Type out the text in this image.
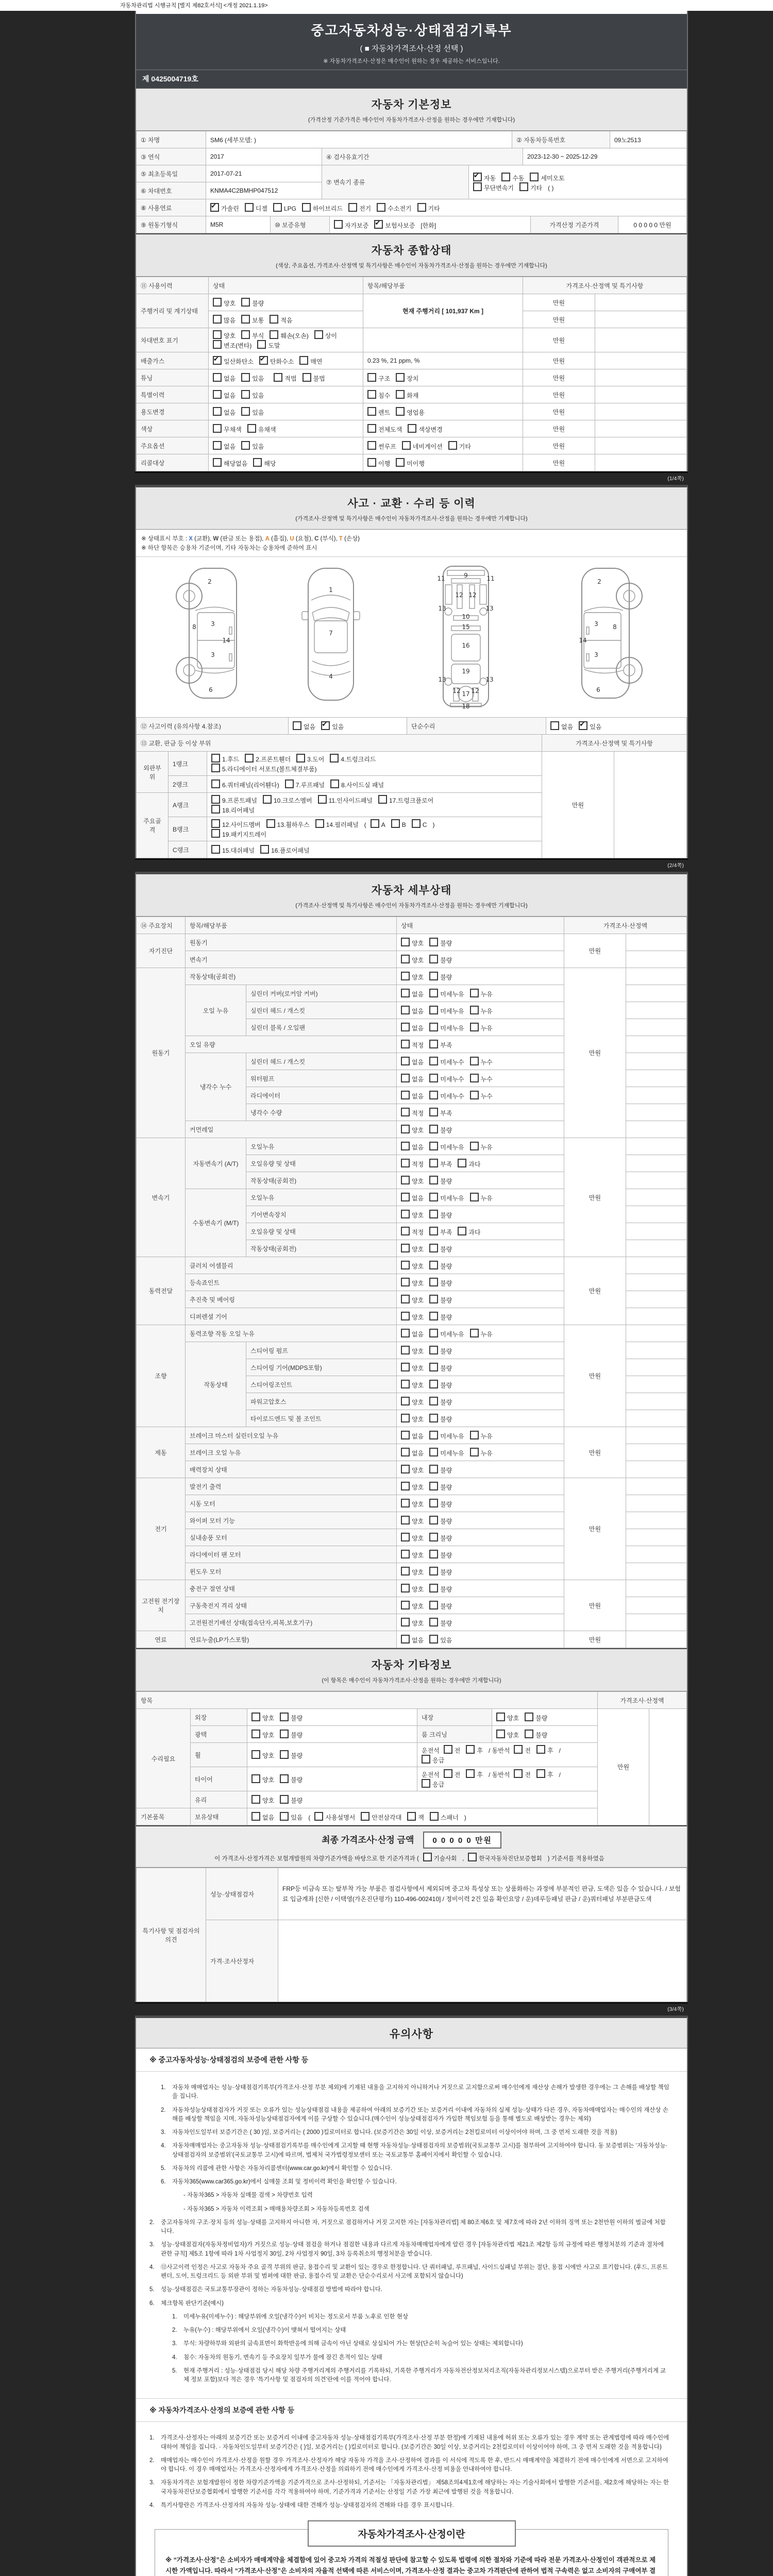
자동차관리법 시행규칙 [별지 제82호서식] <개정 2021.1.19>
중고자동차성능·상태점검기록부
( ■ 자동차가격조사·산정 선택 )
※ 자동차가격조사·산정은 매수인이 원하는 경우 제공하는 서비스입니다.
제 0425004719호
자동차 기본정보
(가격산정 기준가격은 매수인이 자동차가격조사·산정을 원하는 경우에만 기재합니다)
① 차명	SM6 (세부모델: )	② 자동차등록번호	09노2513
③ 연식	2017	④ 검사유효기간	2023-12-30 ~ 2025-12-29
⑤ 최초등록일	2017-07-21	⑦ 변속기 종류	✔자동 수동 세미오토
무단변속기 기타 ( )
⑥ 차대번호	KNMA4C2BMHP047512		
⑧ 사용연료	✔가솔린	디젤	LPG	하이브리드	전기	수소전기	기타
⑨ 원동기형식	M5R	⑩ 보증유형	자가보증 ✔	보험사보증 [한화]	가격산정 기준가격	0 0 0 0 0 만원
자동차 종합상태
(색상, 주요옵션, 가격조사·산정액 및 특기사항은 매수인이 자동차가격조사·산정을 원하는 경우에만 기재합니다)
⑪ 사용이력	상태	항목/해당부품	가격조사·산정액 및 특기사항	
주행거리 및 계기상태	양호 불량	현재 주행거리 [ 101,937 Km ]	만원	
	많음 보통 적음		만원	
차대번호 표기	양호 부식 훼손(오손) 상이변조(변타) 도말		만원	
배출가스	✔일산화탄소 ✔ 탄화수소 매연	0.23 %, 21 ppm, %	만원	
튜닝	없음 있음 적법 불법	구조 장치	만원	
특별이력	없음 있음	침수 화재	만원	
용도변경	없음 있음	렌트 영업용	만원	
색상	무채색 유채색	전체도색 색상변경	만원	
주요옵션	없음 있음	썬루프 네비게이션 기타	만원	
리콜대상	해당없음 해당	이행 미이행	만원	
(1/4쪽)
사고 · 교환 · 수리 등 이력
(가격조사·산정액 및 특기사항은 매수인이 자동차가격조사·산정을 원하는 경우에만 기재합니다)
※ 상태표시 부호 : X (교환), W (판금 또는 용접), A (흠집), U (요철), C (부식), T (손상)
※ 하단 항목은 승용차 기준이며, 기타 자동차는 승용차에 준하여 표시
2
8 3
14
3
6
1
7
4
9
11	11
12 12
13	13
10
15
16
19
13	13
12 17 12
18
2
8
3
14
3
6
⑫ 사고이력 (유의사항 4.참조)	없음 ✔	있음	단순수리	없음 ✔	있음
⑬ 교환, 판금 등 이상 부위			가격조사·산정액 및 특기사항	
외판부위	1랭크	1.후드 2.프론트휀더 3.도어 4.트렁크리드
5.라디에이터 서포트(볼트체결부품)	만원	
	2랭크	6.쿼터패널(리어휀다) 7.루프패널 8.사이드실 패널		
주요골격	A랭크	9.프론트패널 10.크로스멤버 11.인사이드패널 17.트렁크플로어
18.리어패널		
	B랭크	12.사이드멤버 13.휠하우스 14.필러패널 ( A B C )
19.패키지트레이		
	C랭크	15.대쉬패널 16.플로어패널		
(2/4쪽)
자동차 세부상태
(가격조사·산정액 및 특기사항은 매수인이 자동차가격조사·산정을 원하는 경우에만 기재합니다)
⑭ 주요장치	항목/해당부품		상태	가격조사·산정액	
자기진단	원동기		양호 불량	만원	
	변속기		양호 불량		
원동기	작동상태(공회전)		양호 불량	만원	
	오일 누유	실린더 커버(로커암 커버)	없음 미세누유 누유		
		실린더 헤드 / 개스킷	없음 미세누유 누유		
		실린더 블록 / 오일팬	없음 미세누유 누유		
	오일 유량		적정 부족		
	냉각수 누수	실린더 헤드 / 개스킷	없음 미세누수 누수		
		워터펌프	없음 미세누수 누수		
		라디에이터	없음 미세누수 누수		
		냉각수 수량	적정 부족		
	커먼레일		양호 불량		
변속기	자동변속기 (A/T)	오일누유	없음 미세누유 누유	만원	
		오일유량 및 상태	적정 부족 과다		
		작동상태(공회전)	양호 불량		
	수동변속기 (M/T)	오일누유	없음 미세누유 누유		
		기어변속장치	양호 불량		
		오일유량 및 상태	적정 부족 과다		
		작동상태(공회전)	양호 불량		
동력전달	클러치 어셈블리		양호 불량	만원	
	등속죠인트		양호 불량		
	추진축 및 베어링		양호 불량		
	디퍼렌셜 기어		양호 불량		
조향	동력조향 작동 오일 누유		없음 미세누유 누유	만원	
	작동상태	스티어링 펌프	양호 불량		
		스티어링 기어(MDPS포함)	양호 불량		
		스티어링조인트	양호 불량		
		파워고압호스	양호 불량		
		타이로드엔드 및 볼 조인트	양호 불량		
제동	브레이크 마스터 실린더오일 누유		없음 미세누유 누유	만원	
	브레이크 오일 누유		없음 미세누유 누유		
	배력장치 상태		양호 불량		
전기	발전기 출력		양호 불량	만원	
	시동 모터		양호 불량		
	와이퍼 모터 기능		양호 불량		
	실내송풍 모터		양호 불량		
	라디에이터 팬 모터		양호 불량		
	윈도우 모터		양호 불량		
고전원 전기장치	충전구 절연 상태		양호 불량	만원	
	구동축전지 격리 상태		양호 불량		
	고전원전기배선 상태(접속단자,피복,보호기구)		양호 불량		
연료	연료누출(LP가스포함)		없음 있음	만원	
자동차 기타정보
(이 항목은 매수인이 자동차가격조사·산정을 원하는 경우에만 기재합니다)
항목					가격조사·산정액	
수리필요	외장	양호 불량	내장	양호 불량	만원	
	광택	양호 불량	룸 크리닝	양호 불량		
	휠	양호 불량	운전석 전 후 / 동반석 전 후 /응급			
	타이어	양호 불량	운전석 전 후 / 동반석 전 후 /응급			
	유리	양호 불량				
기본품목	보유상태	없음 있음 ( 사용설명서 안전삼각대 잭 스패너 )				
최종 가격조사·산정 금액 0 0 0 0 0 만원
이 가격조사·산정가격은 보험개발원의 차량기준가액을 바탕으로 한 기준가격과 (	기술사회 ,	한국자동차진단보증협회 ) 기준서를 적용하였음
특기사항 및 점검자의 의견	성능·상태점검자	FRP등 비금속 또는 탈부착 가능 부품은 점검사항에서 제외되며 중고차 특성상 또는 상품화하는 과정에 부분적인 판금, 도색은 있을 수 있습니다. / 보험료 입금계좌 [신한 / 이택영(가온진단평가) 110-496-002410] / 정비이력 2건 있음 확인요망 / 운)데루등패널 판금 / 운)쿼터패널 부분판금도색
	가격·조사산정자	
(3/4쪽)
유의사항
※ 중고자동차성능·상태점검의 보증에 관한 사항 등
1.	자동차 매매업자는 성능·상태점검기록부(가격조사·산정 부분 제외)에 기재된 내용을 고지하지 아니하거나 거짓으로 고지함으로써 매수인에게 재산상 손해가 발생한 경우에는 그 손해를 배상할 책임을 집니다.
2.	자동차성능상태점검자가 거짓 또는 오류가 있는 성능상태점검 내용을 제공하여 아래의 보증기간 또는 보증거리 이내에 자동차의 실제 성능·상태가 다른 경우, 자동차매매업자는 매수인의 재산상 손해를 배상할 책임을 지며, 자동차성능상태점검자에게 이를 구상할 수 있습니다.(매수인이 성능상태점검자가 가입한 책임보험 등을 통해 별도로 배상받는 경우는 제외)
3.	자동차인도일부터 보증기간은 ( 30 )일, 보증거리는 ( 2000 )킬로미터로 합니다. (보증기간은 30일 이상, 보증거리는 2천킬로미터 이상이어야 하며, 그 중 먼저 도래한 것을 적용)
4.	자동차매매업자는 중고자동차 성능·상태점검기록부를 매수인에게 고지할 때 현행 자동차성능·상태점검자의 보증범위(국토교통부 고시)를 첨부하여 고지하여야 합니다. 동 보증범위는 ‘자동차성능·상태점검자의 보증범위’(국토교통부 고시)에 따르며, 법제처 국가법령정보센터 또는 국토교통부 홈페이지에서 확인할 수 있습니다.
5.	자동차의 리콜에 관한 사항은 자동차리콜센터(www.car.go.kr)에서 확인할 수 있습니다.
6.	자동차365(www.car365.go.kr)에서 실매물 조회 및 정비이력 확인을 확인할 수 있습니다.
- 자동차365 > 자동차 실매물 검색 > 차량번호 입력
- 자동차365 > 자동차 이력조회 > 매매용차량조회 > 자동차등록번호 검색
2.	중고자동차의 구조·장치 등의 성능·상태를 고지하지 아니한 자, 거짓으로 점검하거나 거짓 고지한 자는 [자동차관리법] 제 80조제6호 및 제7호에 따라 2년 이하의 징역 또는 2천만원 이하의 벌금에 처합니다.
3.	성능·상태점검자(자동차정비업자)가 거짓으로 성능·상태 점검을 하거나 점검한 내용과 다르게 자동차매매업자에게 알린 경우 [자동차관리법 제21조 제2항 등의 규정에 따른 행정처분의 기준과 절차에 관한 규칙] 제5조 1항에 따라 1차 사업정지 30일, 2차 사업정지 90일, 3차 등록취소의 행정처분을 받습니다.
4.	⑫사고이력 인정은 사고로 자동차 주요 골격 부위의 판금, 용접수리 및 교환이 있는 경우로 한정합니다. 단 쿼터패널, 루프패널, 사이드실패널 부위는 절단, 용접 시에만 사고로 표기합니다. (후드, 프론트펜더, 도어, 트렁크리드 등 외판 부위 및 범퍼에 대한 판금, 용접수리 및 교환은 단순수리로서 사고에 포함되지 않습니다)
5.	성능·상태점검은 국토교통부장관이 정하는 자동차성능·상태점검 방법에 따라야 합니다.
6.	체크항목 판단기준(예시)
1.	미세누유(미세누수) : 해당부위에 오일(냉각수)이 비치는 정도로서 부품 노후로 인한 현상
2.	누유(누수) : 해당부위에서 오일(냉각수)이 맺혀서 떨어지는 상태
3.	부식: 차량하부와 외판의 금속표면이 화학반응에 의해 금속이 아닌 상태로 상실되어 가는 현상(단순히 녹슬어 있는 상태는 제외합니다)
4.	침수: 자동차의 원동기, 변속기 등 주요장치 일부가 물에 잠긴 흔적이 있는 상태
5.	현재 주행거리 : 성능·상태점검 당시 해당 차량 주행거리계의 주행거리를 기록하되, 기록한 주행거리가 자동차전산정보처리조직(자동차관리정보시스템)으로부터 받은 주행거리(주행거리계 교체 정보 포함)보다 적은 경우 ‘특기사항 및 점검자의 의견’란에 이를 적어야 합니다.
※ 자동차가격조사·산정의 보증에 관한 사항 등
1.	가격조사·산정자는 아래의 보증기간 또는 보증거리 이내에 중고자동차 성능·상태점검기록부(가격조사·산정 부분 한정)에 기재된 내용에 허위 또는 오류가 있는 경우 계약 또는 관계법령에 따라 매수인에 대하여 책임을 집니다. · 자동차인도일부터 보증기간은 ( )일, 보증거리는 ( )킬로미터로 합니다. (보증기간은 30일 이상, 보증거리는 2천킬로미터 이상이어야 하며, 그 중 먼저 도래한 것을 적용합니다)
2.	매매업자는 매수인이 가격조사·산정을 원할 경우 가격조사·산정자가 해당 자동차 가격을 조사·산정하여 결과를 이 서식에 적도록 한 후, 반드시 매매계약을 체결하기 전에 매수인에게 서면으로 고지하여야 합니다. 이 경우 매매업자는 가격조사·산정자에게 가격조사·산정을 의뢰하기 전에 매수인에게 가격조사·산정 비용을 안내하여야 합니다.
3.	자동차가격은 보험개발원이 정한 차량기준가액을 기준가격으로 조사·산정하되, 기준서는 「자동차관리법」 제58조의4제1호에 해당하는 자는 기술사회에서 발행한 기준서를, 제2호에 해당하는 자는 한국자동차진단보증협회에서 발행한 기준서를 각각 적용하여야 하며, 기준가격과 기준서는 산정일 기준 가장 최근에 발행된 것을 적용합니다.
4.	특기사항란은 가격조사·산정자의 자동차 성능·상태에 대한 견해가 성능·상태점검자의 견해와 다를 경우 표시합니다.
자동차가격조사·산정이란
※ “가격조사·산정”은 소비자가 매매계약을 체결함에 있어 중고차 가격의 적절성 판단에 참고할 수 있도록 법령에 의한 절차와 기준에 따라 전문 가격조사·산정인이 객관적으로 제시한 가액입니다. 따라서 “가격조사·산정”은 소비자의 자율적 선택에 따른 서비스이며, 가격조사·산정 결과는 중고차 가격판단에 관하여 법적 구속력은 없고 소비자의 구매여부 결
